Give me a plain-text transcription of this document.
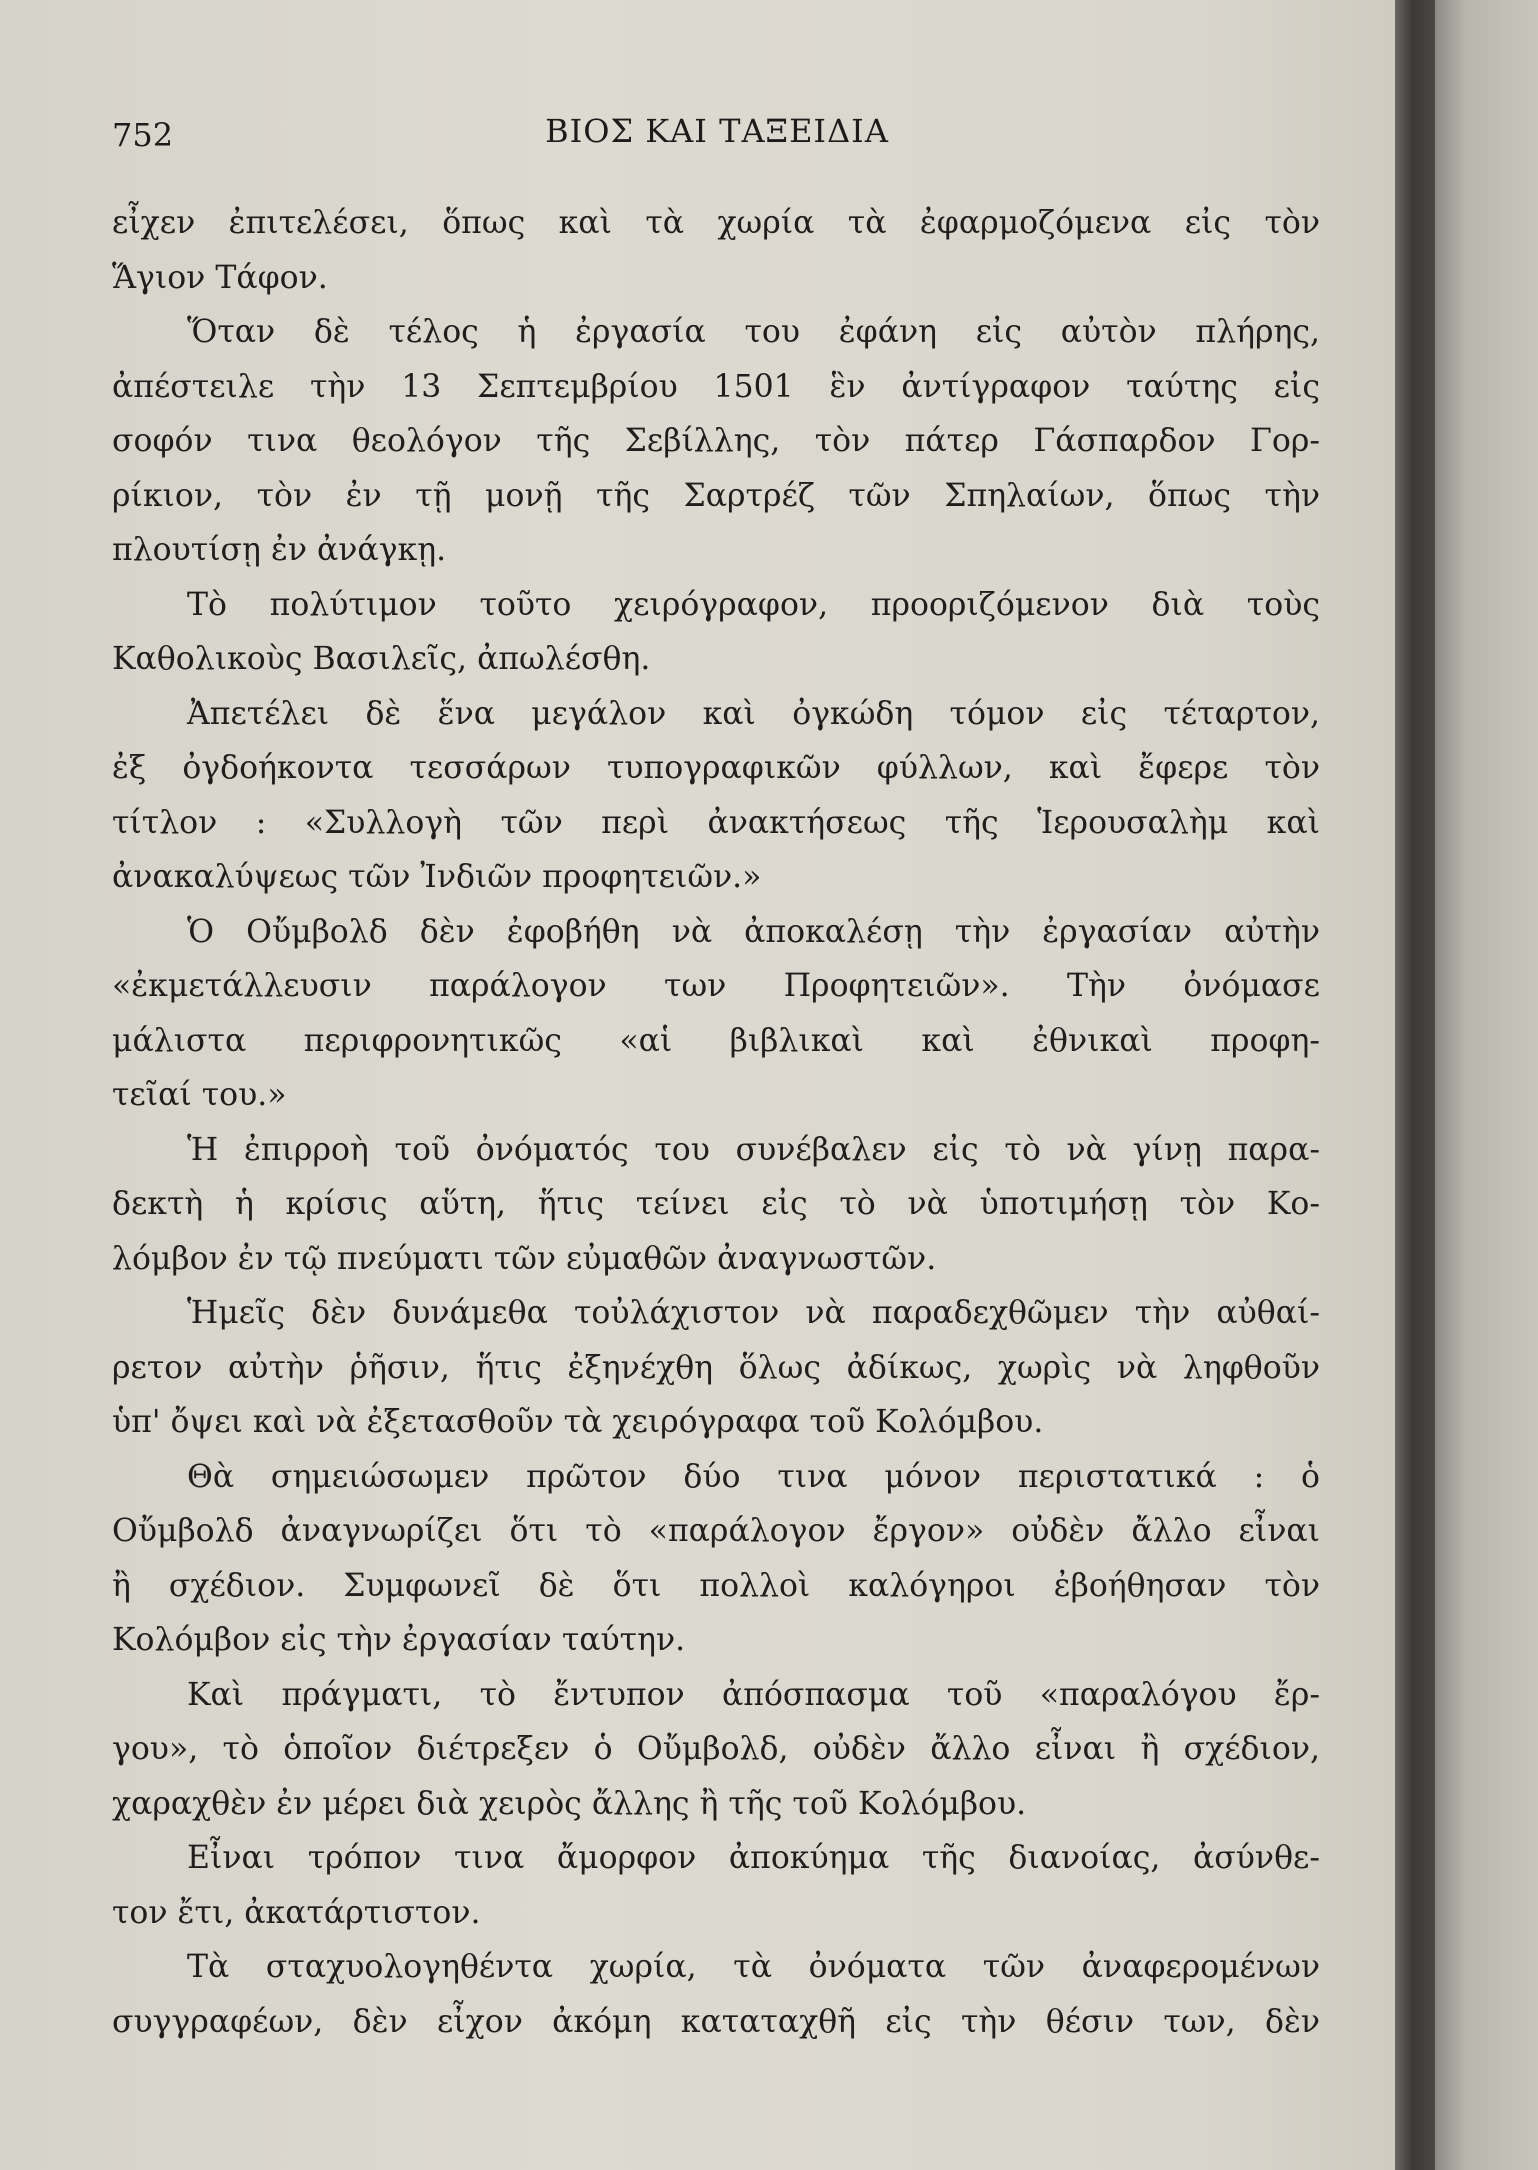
752	ΒΙΟΣ ΚΑΙ ΤΑΞΕΙΔΙΑ
εἶχεν ἐπιτελέσει, ὅπως καὶ τὰ χωρία τὰ ἐφαρμοζόμενα εἰς τὸν
Ἅγιον Τάφον.
Ὅταν δὲ τέλος ἡ ἐργασία του ἐφάνη εἰς αὐτὸν πλήρης,
ἀπέστειλε τὴν 13 Σεπτεμβρίου 1501 ἓν ἀντίγραφον ταύτης εἰς
σοφόν τινα θεολόγον τῆς Σεβίλλης, τὸν πάτερ Γάσπαρδον Γορ-
ρίκιον, τὸν ἐν τῇ μονῇ τῆς Σαρτρέζ τῶν Σπηλαίων, ὅπως τὴν
πλουτίσῃ ἐν ἀνάγκῃ.
Τὸ πολύτιμον τοῦτο χειρόγραφον, προοριζόμενον διὰ τοὺς
Καθολικοὺς Βασιλεῖς, ἀπωλέσθη.
Ἀπετέλει δὲ ἕνα μεγάλον καὶ ὀγκώδη τόμον εἰς τέταρτον,
ἐξ ὀγδοήκοντα τεσσάρων τυπογραφικῶν φύλλων, καὶ ἔφερε τὸν
τίτλον : «Συλλογὴ τῶν περὶ ἀνακτήσεως τῆς Ἱερουσαλὴμ καὶ
ἀνακαλύψεως τῶν Ἰνδιῶν προφητειῶν.»
Ὁ Οὔμβολδ δὲν ἐφοβήθη νὰ ἀποκαλέσῃ τὴν ἐργασίαν αὐτὴν
«ἐκμετάλλευσιν παράλογον των Προφητειῶν». Τὴν ὀνόμασε
μάλιστα περιφρονητικῶς «αἱ βιβλικαὶ καὶ ἐθνικαὶ προφη-
τεῖαί του.»
Ἡ ἐπιρροὴ τοῦ ὀνόματός του συνέβαλεν εἰς τὸ νὰ γίνῃ παρα-
δεκτὴ ἡ κρίσις αὕτη, ἥτις τείνει εἰς τὸ νὰ ὑποτιμήσῃ τὸν Κο-
λόμβον ἐν τῷ πνεύματι τῶν εὐμαθῶν ἀναγνωστῶν.
Ἡμεῖς δὲν δυνάμεθα τοὐλάχιστον νὰ παραδεχθῶμεν τὴν αὐθαί-
ρετον αὐτὴν ῥῆσιν, ἥτις ἐξηνέχθη ὅλως ἀδίκως, χωρὶς νὰ ληφθοῦν
ὑπ' ὄψει καὶ νὰ ἐξετασθοῦν τὰ χειρόγραφα τοῦ Κολόμβου.
Θὰ σημειώσωμεν πρῶτον δύο τινα μόνον περιστατικά : ὁ
Οὔμβολδ ἀναγνωρίζει ὅτι τὸ «παράλογον ἔργον» οὐδὲν ἄλλο εἶναι
ἢ σχέδιον. Συμφωνεῖ δὲ ὅτι πολλοὶ καλόγηροι ἐβοήθησαν τὸν
Κολόμβον εἰς τὴν ἐργασίαν ταύτην.
Καὶ πράγματι, τὸ ἔντυπον ἀπόσπασμα τοῦ «παραλόγου ἔρ-
γου», τὸ ὁποῖον διέτρεξεν ὁ Οὔμβολδ, οὐδὲν ἄλλο εἶναι ἢ σχέδιον,
χαραχθὲν ἐν μέρει διὰ χειρὸς ἄλλης ἢ τῆς τοῦ Κολόμβου.
Εἶναι τρόπον τινα ἄμορφον ἀποκύημα τῆς διανοίας, ἀσύνθε-
τον ἔτι, ἀκατάρτιστον.
Τὰ σταχυολογηθέντα χωρία, τὰ ὀνόματα τῶν ἀναφερομένων
συγγραφέων, δὲν εἶχον ἀκόμη καταταχθῆ εἰς τὴν θέσιν των, δὲν
